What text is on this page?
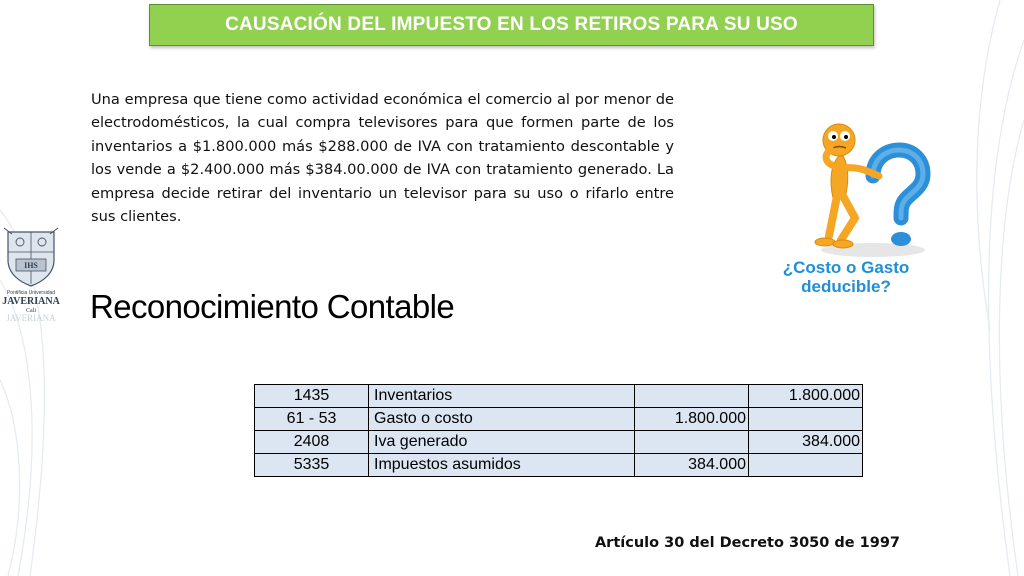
CAUSACIÓN DEL IMPUESTO EN LOS RETIROS PARA SU USO

Una empresa que tiene como actividad económica el comercio al por menor de electrodomésticos, la cual compra televisores para que formen parte de los inventarios a $1.800.000 más $288.000 de IVA con tratamiento descontable y los vende a $2.400.000 más $384.00.000 de IVA con tratamiento generado. La empresa decide retirar del inventario un televisor para su uso o rifarlo entre sus clientes.

IHS
Pontificia Universidad
JAVERIANA
Cali
JAVERIANA Reconocimiento Contable

¿Costo o Gasto
deducible?

1435	Inventarios		1.800.000
61 - 53	Gasto o costo	1.800.000	
2408	Iva generado		384.000
5335	Impuestos asumidos	384.000	

Artículo 30 del Decreto 3050 de 1997
